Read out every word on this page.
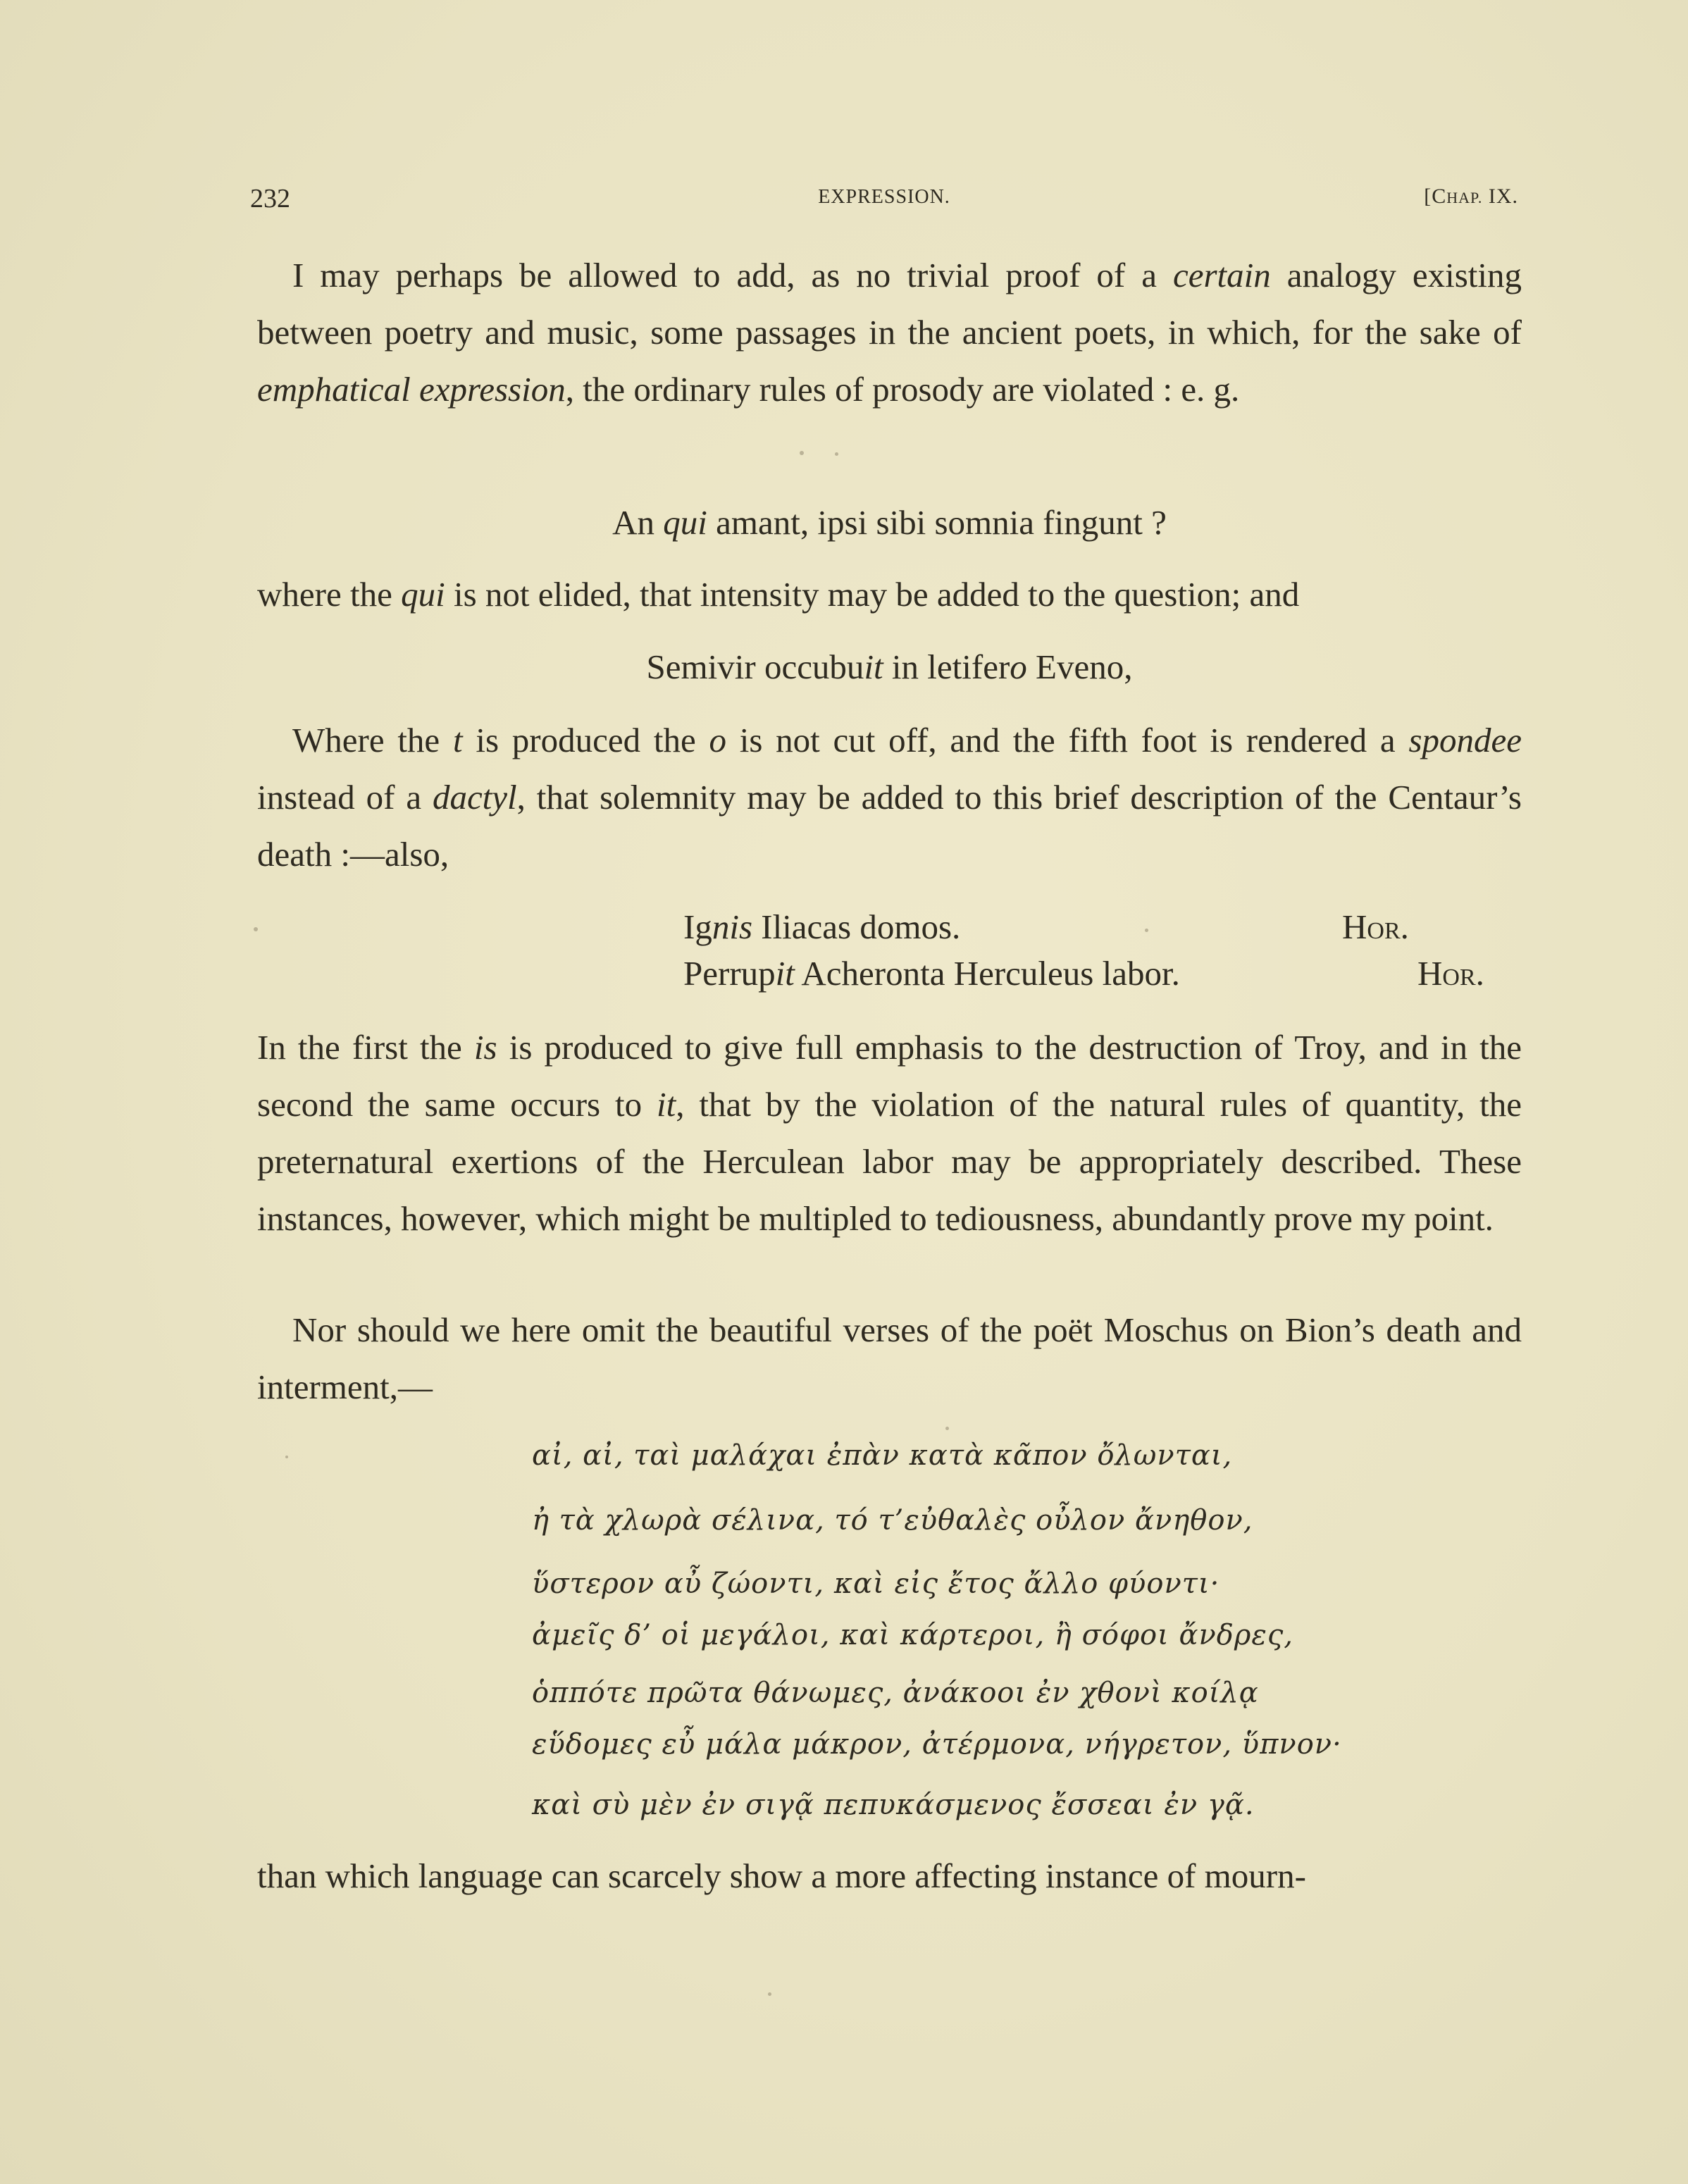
232	EXPRESSION.	[CHAP. IX.

I may perhaps be allowed to add, as no trivial proof of a certain analogy existing between poetry and music, some passages in the ancient poets, in which, for the sake of emphatical expression, the ordinary rules of prosody are violated : e. g.

An qui amant, ipsi sibi somnia fingunt ?

where the qui is not elided, that intensity may be added to the question; and

Semivir occubuit in letifero Eveno,

Where the t is produced the o is not cut off, and the fifth foot is rendered a spondee instead of a dactyl, that solemnity may be added to this brief description of the Centaur’s death :—also,

Ignis Iliacas domos.	Hor.
Perrupit Acheronta Herculeus labor.	Hor.

In the first the is is produced to give full emphasis to the destruction of Troy, and in the second the same occurs to it, that by the violation of the natural rules of quantity, the preternatural exertions of the Herculean labor may be appropriately described. These instances, however, which might be multipled to tediousness, abundantly prove my point.

Nor should we here omit the beautiful verses of the poët Moschus on Bion’s death and interment,—

αἰ, αἰ, ταὶ μαλάχαι ἐπὰν κατὰ κᾶπον ὄλωνται,
ἠ τὰ χλωρὰ σέλινα, τό τ’εὐθαλὲς οὖλον ἄνηθον,
ὕστερον αὖ ζώοντι, καὶ εἰς ἔτος ἄλλο φύοντι·
ἀμεῖς δ’ οἱ μεγάλοι, καὶ κάρτεροι, ἢ σόφοι ἄνδρες,
ὁππότε πρῶτα θάνωμες, ἀνάκοοι ἐν χθονὶ κοίλᾳ
εὕδομες εὖ μάλα μάκρον, ἀτέρμονα, νήγρετον, ὕπνον·
καὶ σὺ μὲν ἐν σιγᾷ πεπυκάσμενος ἔσσεαι ἐν γᾷ.

than which language can scarcely show a more affecting instance of mourn-
